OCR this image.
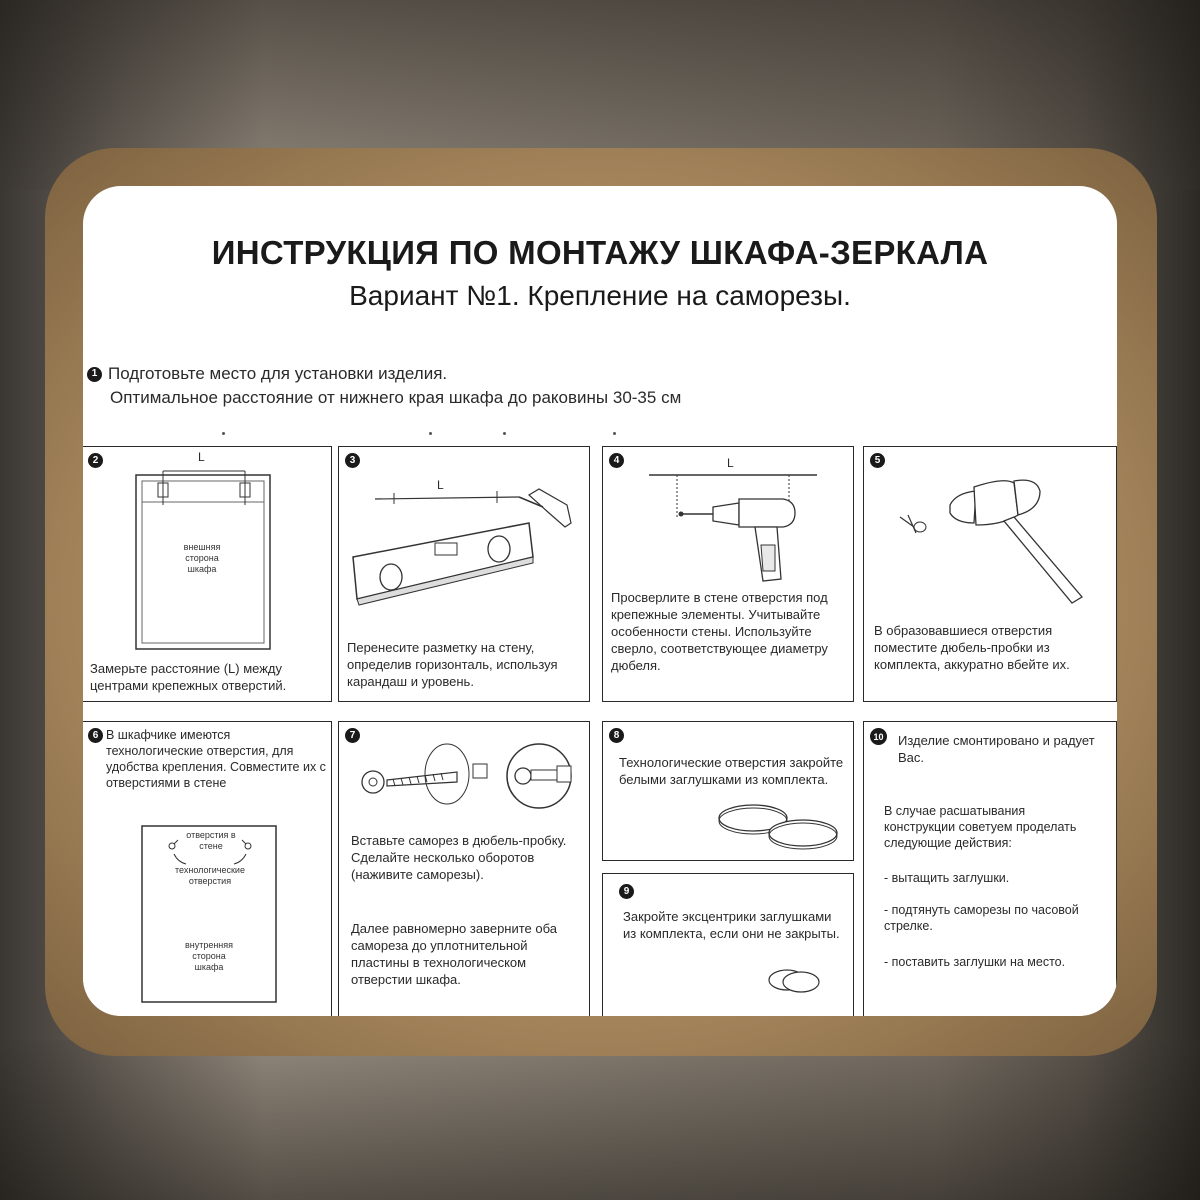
ИНСТРУКЦИЯ ПО МОНТАЖУ ШКАФА-ЗЕРКАЛА
Вариант №1. Крепление на саморезы.
1 Подготовьте место для установки изделия.
Оптимальное расстояние от нижнего края шкафа до раковины 30-35 см
2	L
внешняя сторона шкафа
Замерьте расстояние (L) между центрами крепежных отверстий.
3
L
Перенесите разметку на стену, определив горизонталь, используя карандаш и уровень.
4	L
Просверлите в стене отверстия под крепежные элементы. Учитывайте особенности стены. Используйте сверло, соответствующее диаметру дюбеля.
5
В образовавшиеся отверстия поместите дюбель-пробки из комплекта, аккуратно вбейте их.
6 В шкафчике имеются технологические отверстия, для удобства крепления. Совместите их с отверстиями в стене
отверстия в стене
технологические отверстия
внутренняя сторона шкафа
7
Вставьте саморез в дюбель-пробку. Сделайте несколько оборотов (наживите саморезы).
Далее равномерно заверните оба самореза до уплотнительной пластины в технологическом отверстии шкафа.
8
Технологические отверстия закройте белыми заглушками из комплекта.
9
Закройте эксцентрики заглушками из комплекта, если они не закрыты.
10 Изделие смонтировано и радует Вас.
В случае расшатывания конструкции советуем проделать следующие действия:
- вытащить заглушки.
- подтянуть саморезы по часовой стрелке.
- поставить заглушки на место.
